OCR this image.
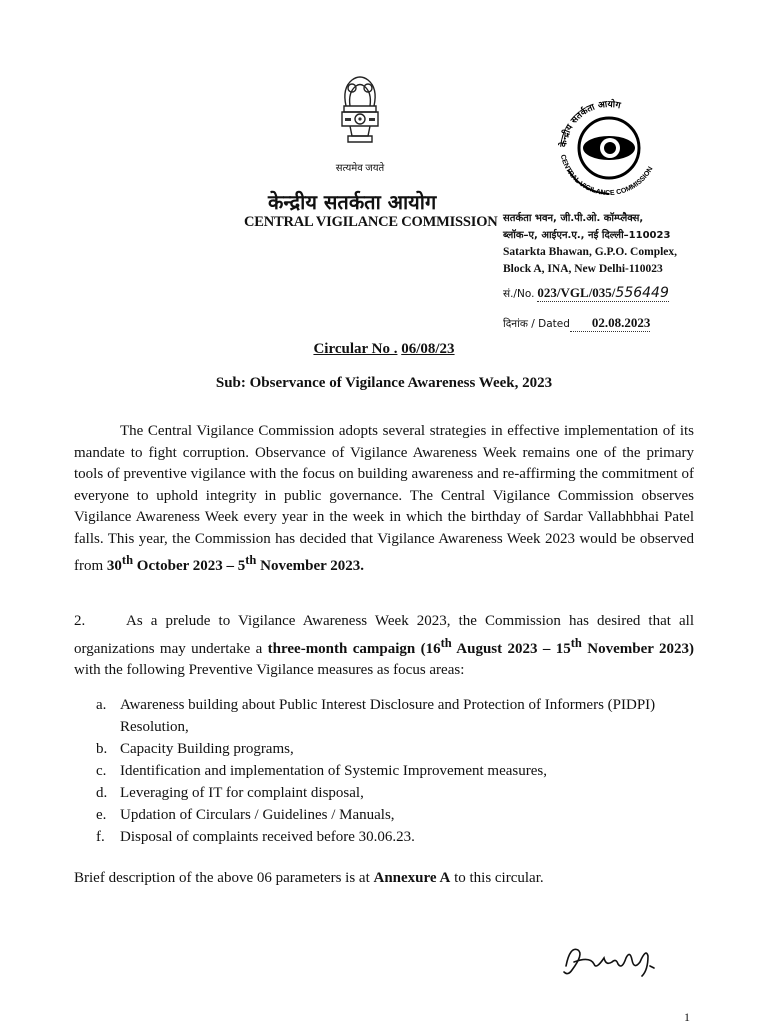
सत्यमेव जयते
केन्द्रीय सतर्कता आयोग
CENTRAL VIGILANCE COMMISSION
केन्द्रीय सतर्कता आयोग
CENTRAL VIGILANCE COMMISSION
सतर्कता भवन, जी.पी.ओ. कॉम्प्लैक्स,
ब्लॉक–ए, आईएन.ए., नई दिल्ली–110023
Satarkta Bhawan, G.P.O. Complex,
Block A, INA, New Delhi-110023
सं./No. 023/VGL/035/556449
दिनांक / Dated 02.08.2023
Circular No . 06/08/23
Sub: Observance of Vigilance Awareness Week, 2023
The Central Vigilance Commission adopts several strategies in effective implementation of its mandate to fight corruption. Observance of Vigilance Awareness Week remains one of the primary tools of preventive vigilance with the focus on building awareness and re-affirming the commitment of everyone to uphold integrity in public governance. The Central Vigilance Commission observes Vigilance Awareness Week every year in the week in which the birthday of Sardar Vallabhbhai Patel falls. This year, the Commission has decided that Vigilance Awareness Week 2023 would be observed from 30th October 2023 – 5th November 2023.
2.	As a prelude to Vigilance Awareness Week 2023, the Commission has desired that all organizations may undertake a three-month campaign (16th August 2023 – 15th November 2023) with the following Preventive Vigilance measures as focus areas:
a. Awareness building about Public Interest Disclosure and Protection of Informers (PIDPI) Resolution,
b. Capacity Building programs,
c. Identification and implementation of Systemic Improvement measures,
d. Leveraging of IT for complaint disposal,
e. Updation of Circulars / Guidelines / Manuals,
f. Disposal of complaints received before 30.06.23.
Brief description of the above 06 parameters is at Annexure A to this circular.
1
